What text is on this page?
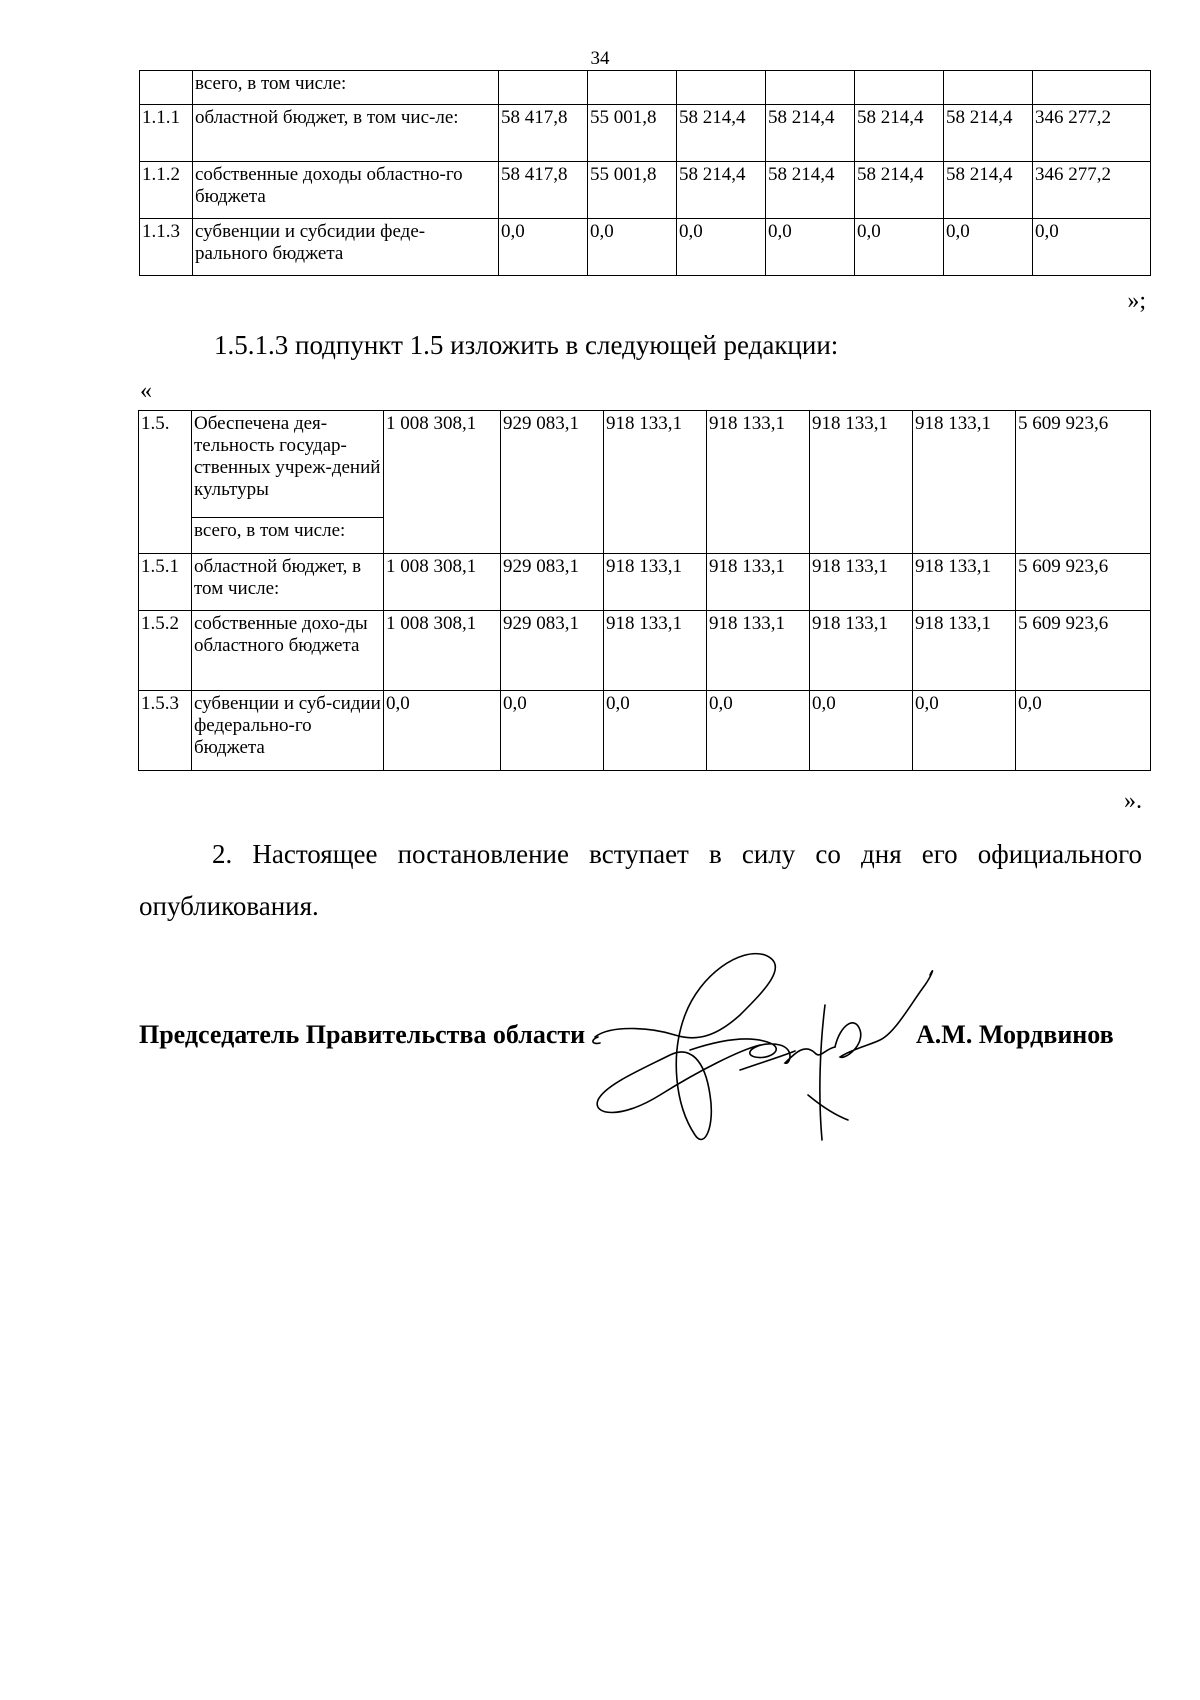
34
	всего, в том числе:							
1.1.1	областной бюджет, в том чис-ле:	58 417,8	55 001,8	58 214,4	58 214,4	58 214,4	58 214,4	346 277,2
1.1.2	собственные доходы областно-го бюджета	58 417,8	55 001,8	58 214,4	58 214,4	58 214,4	58 214,4	346 277,2
1.1.3	субвенции и субсидии феде-рального бюджета	0,0	0,0	0,0	0,0	0,0	0,0	0,0
»;
1.5.1.3 подпункт 1.5 изложить в следующей редакции:
«
1.5.	Обеспечена дея-тельность государ-ственных учреж-дений культуры	1 008 308,1	929 083,1	918 133,1	918 133,1	918 133,1	918 133,1	5 609 923,6
	всего, в том числе:							
1.5.1	областной бюджет, в том числе:	1 008 308,1	929 083,1	918 133,1	918 133,1	918 133,1	918 133,1	5 609 923,6
1.5.2	собственные дохо-ды областного бюджета	1 008 308,1	929 083,1	918 133,1	918 133,1	918 133,1	918 133,1	5 609 923,6
1.5.3	субвенции и суб-сидии федерально-го бюджета	0,0	0,0	0,0	0,0	0,0	0,0	0,0
».
2. Настоящее постановление вступает в силу со дня его официального опубликования.
Председатель Правительства области	А.М. Мордвинов
